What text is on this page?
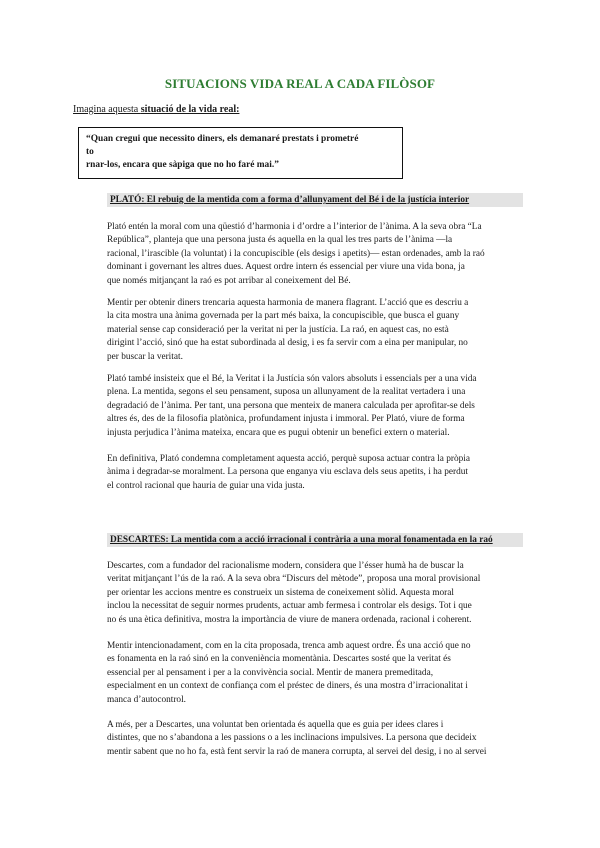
SITUACIONS VIDA REAL A CADA FILÒSOF
Imagina aquesta situació de la vida real:
“Quan cregui que necessito diners, els demanaré prestats i prometré
to
rnar-los, encara que sàpiga que no ho faré mai.”
PLATÓ: El rebuig de la mentida com a forma d’allunyament del Bé i de la justícia interior
Plató entén la moral com una qüestió d’harmonia i d’ordre a l’interior de l’ànima. A la seva obra “La
República”, planteja que una persona justa és aquella en la qual les tres parts de l’ànima —la
racional, l’irascible (la voluntat) i la concupiscible (els desigs i apetits)— estan ordenades, amb la raó
dominant i governant les altres dues. Aquest ordre intern és essencial per viure una vida bona, ja
que només mitjançant la raó es pot arribar al coneixement del Bé.
Mentir per obtenir diners trencaria aquesta harmonia de manera flagrant. L’acció que es descriu a
la cita mostra una ànima governada per la part més baixa, la concupiscible, que busca el guany
material sense cap consideració per la veritat ni per la justícia. La raó, en aquest cas, no està
dirigint l’acció, sinó que ha estat subordinada al desig, i es fa servir com a eina per manipular, no
per buscar la veritat.
Plató també insisteix que el Bé, la Veritat i la Justícia són valors absoluts i essencials per a una vida
plena. La mentida, segons el seu pensament, suposa un allunyament de la realitat vertadera i una
degradació de l’ànima. Per tant, una persona que menteix de manera calculada per aprofitar-se dels
altres és, des de la filosofia platònica, profundament injusta i immoral. Per Plató, viure de forma
injusta perjudica l’ànima mateixa, encara que es pugui obtenir un benefici extern o material.
En definitiva, Plató condemna completament aquesta acció, perquè suposa actuar contra la pròpia
ànima i degradar-se moralment. La persona que enganya viu esclava dels seus apetits, i ha perdut
el control racional que hauria de guiar una vida justa.
DESCARTES: La mentida com a acció irracional i contrària a una moral fonamentada en la raó
Descartes, com a fundador del racionalisme modern, considera que l’ésser humà ha de buscar la
veritat mitjançant l’ús de la raó. A la seva obra “Discurs del mètode”, proposa una moral provisional
per orientar les accions mentre es construeix un sistema de coneixement sòlid. Aquesta moral
inclou la necessitat de seguir normes prudents, actuar amb fermesa i controlar els desigs. Tot i que
no és una ètica definitiva, mostra la importància de viure de manera ordenada, racional i coherent.
Mentir intencionadament, com en la cita proposada, trenca amb aquest ordre. És una acció que no
es fonamenta en la raó sinó en la conveniència momentània. Descartes sosté que la veritat és
essencial per al pensament i per a la convivència social. Mentir de manera premeditada,
especialment en un context de confiança com el préstec de diners, és una mostra d’irracionalitat i
manca d’autocontrol.
A més, per a Descartes, una voluntat ben orientada és aquella que es guia per idees clares i
distintes, que no s’abandona a les passions o a les inclinacions impulsives. La persona que decideix
mentir sabent que no ho fa, està fent servir la raó de manera corrupta, al servei del desig, i no al servei
